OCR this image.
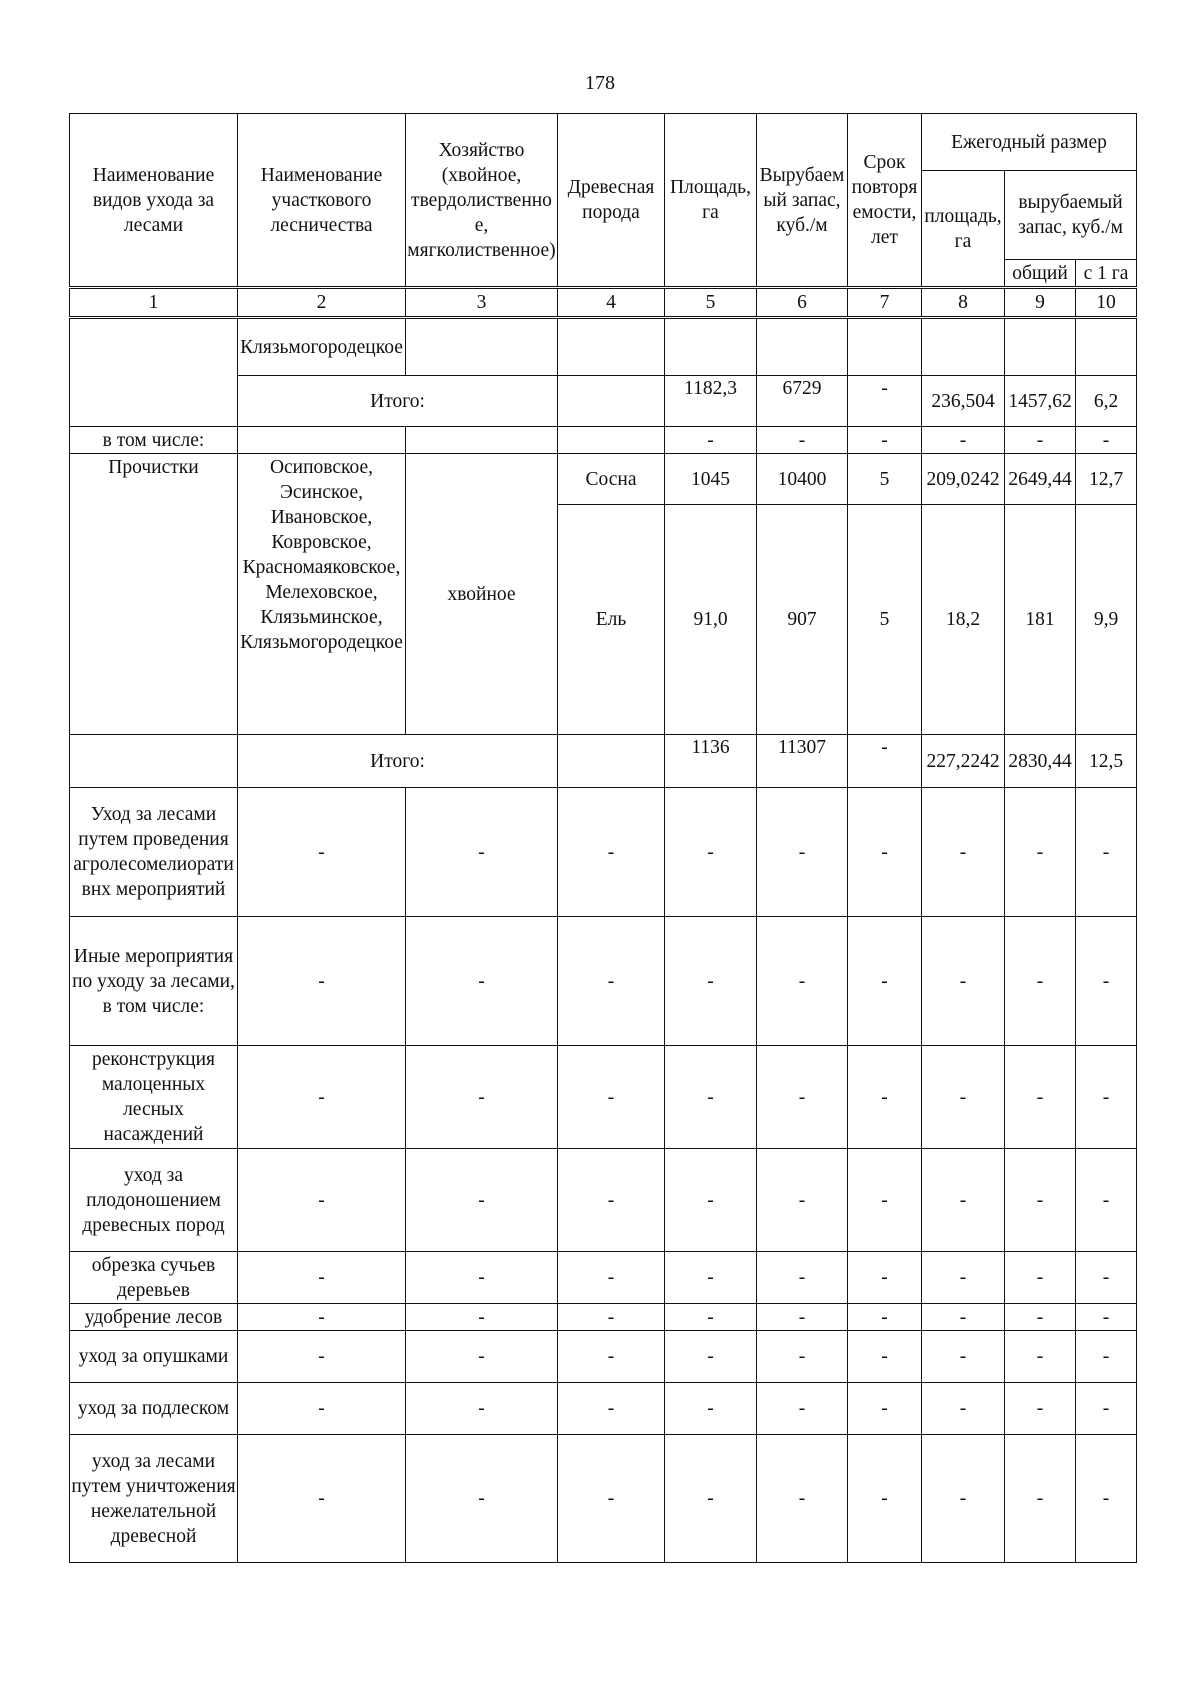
178
Наименование видов ухода за лесами	Наименование участкового лесничества	Хозяйство (хвойное, твердолиственное, мягколиственное)	Древесная порода	Площадь, га	Вырубаемый запас, куб./м	Срок повторяемости, лет	Ежегодный размер		
							площадь, га	вырубаемый запас, куб./м	
								общий	с 1 га
1	2	3	4	5	6	7	8	9	10
	Клязьмогородецкое								
	Итого:			1182,3	6729	-	236,504	1457,62	6,2
в том числе:				-	-	-	-	-	-
Прочистки	Осиповское, Эсинское, Ивановское, Ковровское, Красномаяковское, Мелеховское, Клязьминское, Клязьмогородецкое	хвойное	Сосна	1045	10400	5	209,0242	2649,44	12,7
			Ель	91,0	907	5	18,2	181	9,9
	Итого:			1136	11307	-	227,2242	2830,44	12,5
Уход за лесами путем проведения агролесомелиоративнх мероприятий	-	-	-	-	-	-	-	-	-
Иные мероприятия по уходу за лесами, в том числе:	-	-	-	-	-	-	-	-	-
реконструкция малоценных лесных насаждений	-	-	-	-	-	-	-	-	-
уход за плодоношением древесных пород	-	-	-	-	-	-	-	-	-
обрезка сучьев деревьев	-	-	-	-	-	-	-	-	-
удобрение лесов	-	-	-	-	-	-	-	-	-
уход за опушками	-	-	-	-	-	-	-	-	-
уход за подлеском	-	-	-	-	-	-	-	-	-
уход за лесами путем уничтожения нежелательной древесной	-	-	-	-	-	-	-	-	-
